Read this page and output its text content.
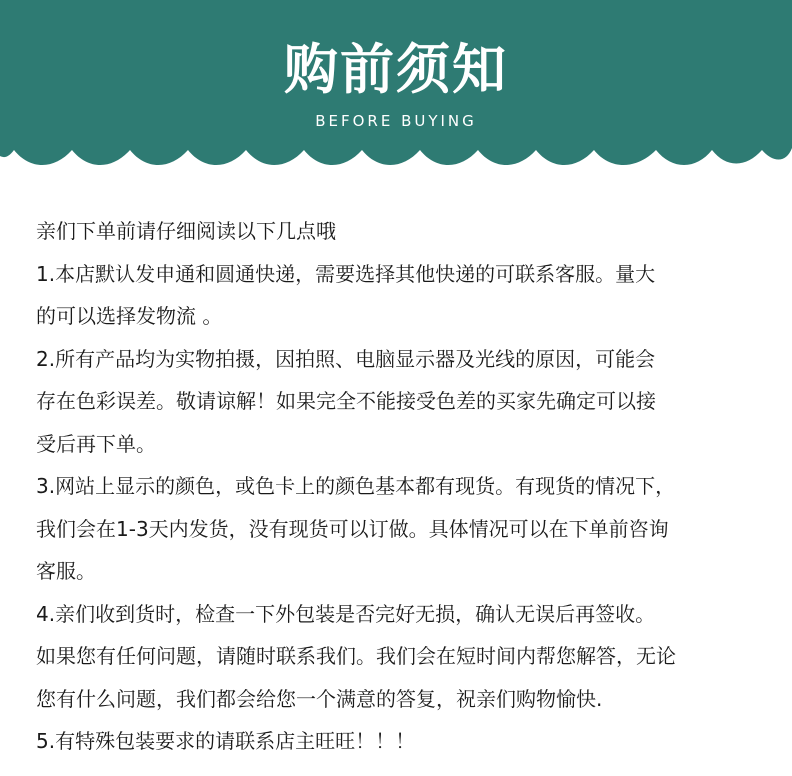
购前须知
BEFORE BUYING

亲们下单前请仔细阅读以下几点哦

1.本店默认发申通和圆通快递，需要选择其他快递的可联系客服。量大

的可以选择发物流 。

2.所有产品均为实物拍摄，因拍照、电脑显示器及光线的原因，可能会

存在色彩误差。敬请谅解！如果完全不能接受色差的买家先确定可以接

受后再下单。

3.网站上显示的颜色，或色卡上的颜色基本都有现货。有现货的情况下，

我们会在1-3天内发货，没有现货可以订做。具体情况可以在下单前咨询

客服。

4.亲们收到货时，检查一下外包装是否完好无损，确认无误后再签收。

如果您有任何问题，请随时联系我们。我们会在短时间内帮您解答，无论

您有什么问题，我们都会给您一个满意的答复，祝亲们购物愉快.

5.有特殊包装要求的请联系店主旺旺！！！
